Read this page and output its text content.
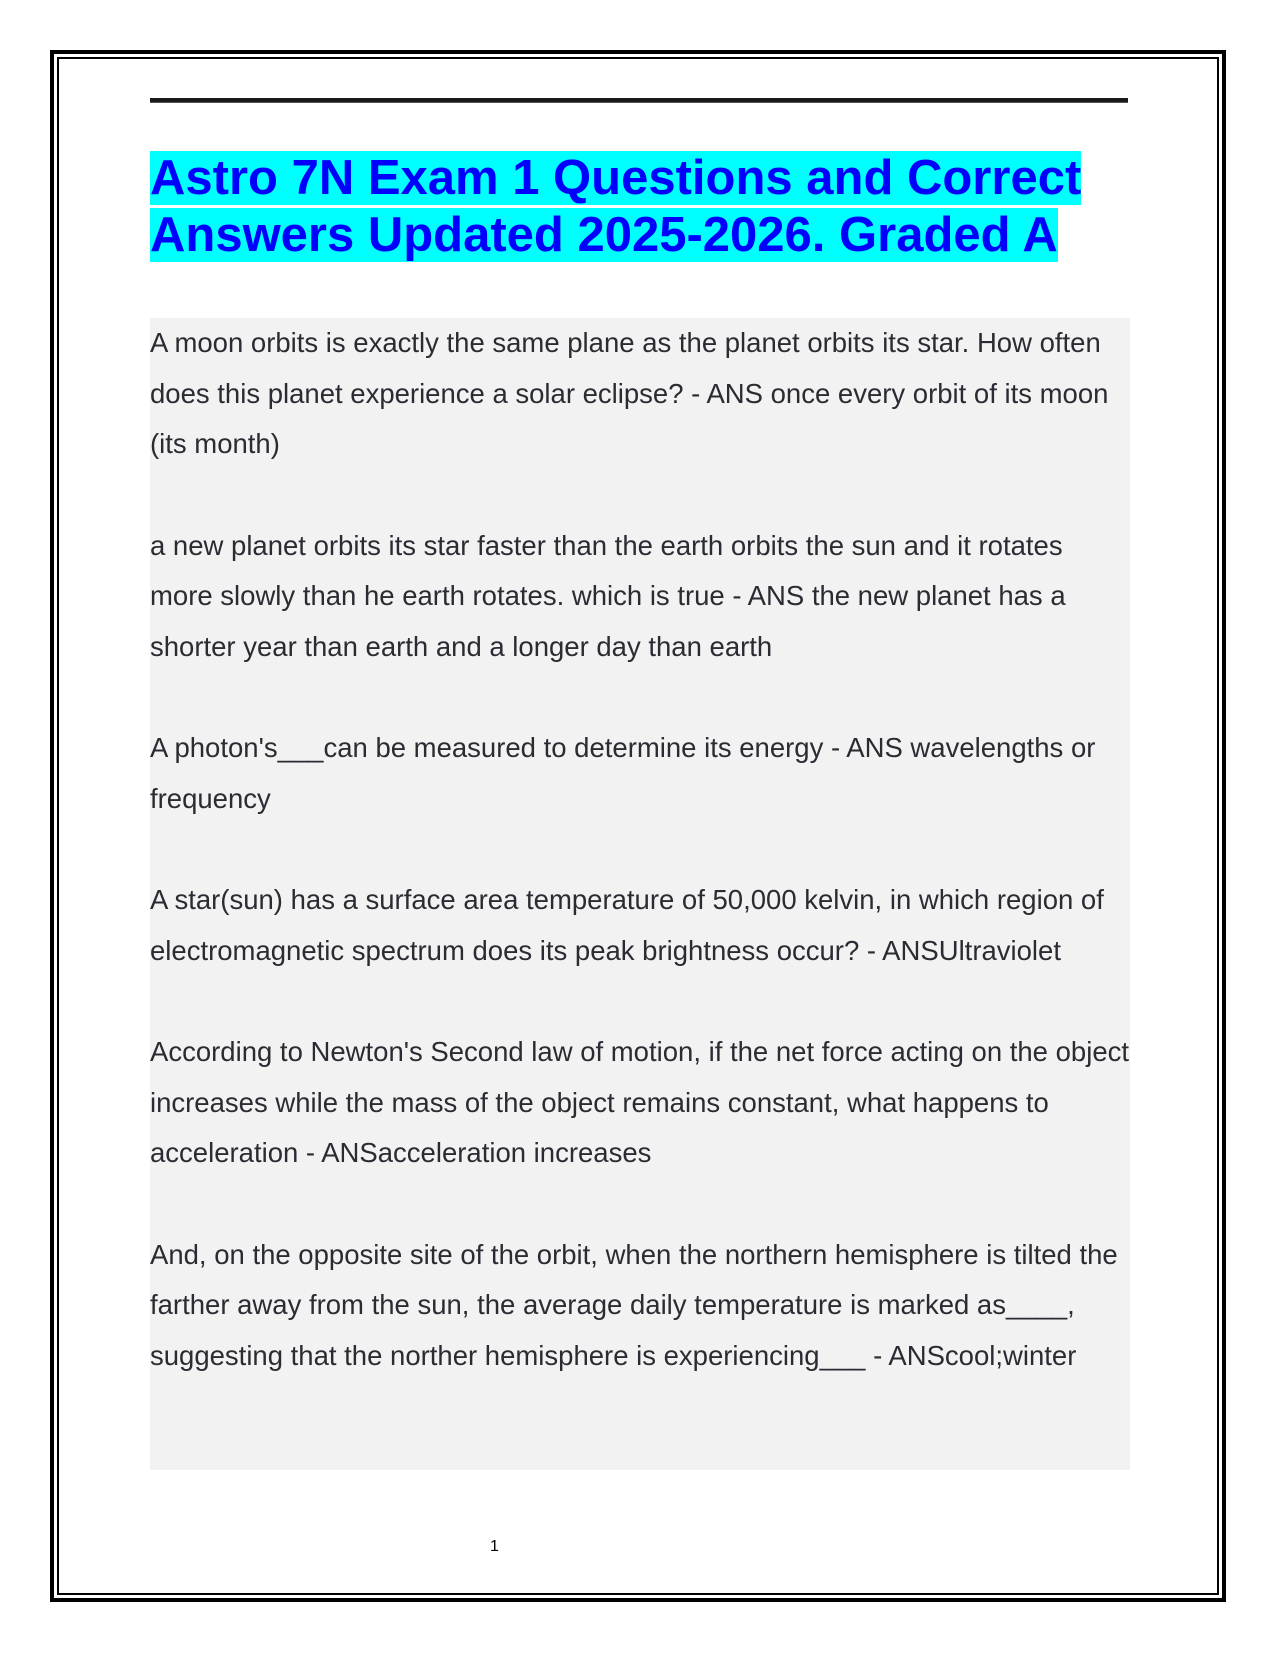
Astro 7N Exam 1 Questions and Correct Answers Updated 2025-2026. Graded A
A moon orbits is exactly the same plane as the planet orbits its star. How often does this planet experience a solar eclipse? - ANS once every orbit of its moon (its month)
a new planet orbits its star faster than the earth orbits the sun and it rotates more slowly than he earth rotates. which is true - ANS the new planet has a shorter year than earth and a longer day than earth
A photon's___can be measured to determine its energy - ANS wavelengths or frequency
A star(sun) has a surface area temperature of 50,000 kelvin, in which region of electromagnetic spectrum does its peak brightness occur? - ANSUltraviolet
According to Newton's Second law of motion, if the net force acting on the object increases while the mass of the object remains constant, what happens to acceleration - ANSacceleration increases
And, on the opposite site of the orbit, when the northern hemisphere is tilted the farther away from the sun, the average daily temperature is marked as____, suggesting that the norther hemisphere is experiencing___ - ANScool;winter
1
